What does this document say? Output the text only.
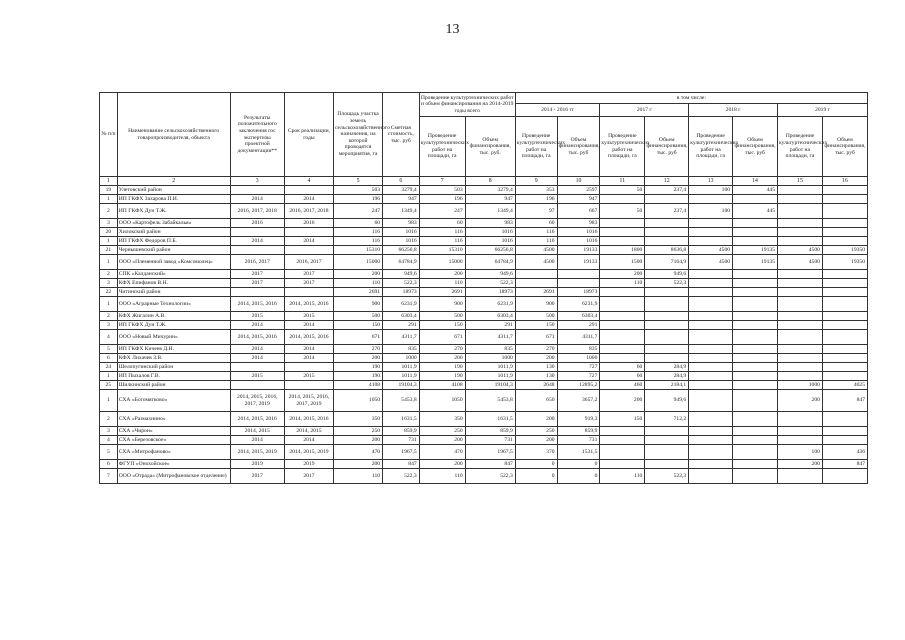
13
№ п/п	Наименование сельскохозяйственного товаропроизводителя, объекта	Результаты положительного заключения гос экспертизы проектной документации**	Срок реализации, годы	Площадь участка земель сельскохозяйственного назначения, на которой проводятся мероприятия, га	Сметная стоимость, тыс. руб	Проведение культуртехнических работ и объем финансирования на 2014-2019 годы всего		в том числе:							
								2014 - 2016 гг		2017 г		2018 г		2019 г	
						Проведение культуртехнических работ на площади, га	Объем финансирования, тыс. руб.	Проведение культуртехнических работ на площади, га	Объем финансирования, тыс. руб	Проведение культуртехнических работ на площади, га	Объем финансирования, тыс. руб	Проведение культуртехнических работ на площади, га	Объем финансирования, тыс. руб	Проведение культуртехнических работ на площади, га	Объем финансирования, тыс. руб
1	2	3	4	5	6	7	8	9	10	11	12	13	14	15	16
19	Улетовский район			503	3279,4	503	3279,4	353	2597	50	237,4	100	445		
1	ИП ГКФХ Захарова П.И.	2014	2014	196	947	196	947	196	947						
2	ИП ГКФХ Дун Т.Ж.	2016, 2017, 2018	2016, 2017, 2018	247	1349,4	247	1349,4	97	667	50	237,4	100	445		
3	ООО «Картофель Забайкалья»	2016	2016	60	983	60	983	60	983						
20	Хилокский район			116	1016	116	1016	116	1016						
1	ИП ГКФХ Федоров П.Б.	2014	2014	116	1016	116	1016	116	1016						
21	Чернышевский район			15310	66256,8	15310	66256,8	4500	19133	1800	8636,8	4500	19135	4500	19350
1	ООО «Племенной завод «Комсомолец»	2016, 2017	2016, 2017	15000	64784,9	15000	64784,9	4500	19133	1500	7164,9	4500	19135	4500	19350
2	СПК «Калданский»	2017	2017	200	949,6	200	949,6			200	949,6				
3	КФХ Епифанов В.Н.	2017	2017	110	522,3	110	522,3			110	522,3				
22	Читинский район			2691	18973	2691	18973	2691	18973						
1	ООО «Аграрные Технологии»	2014, 2015, 2016	2014, 2015, 2016	900	6231,9	900	6231,9	900	6231,9						
2	КФХ Жигалин А.В.	2015	2015	500	6303,4	500	6303,4	500	6303,4						
3	ИП ГКФХ Дун Т.Ж.	2014	2014	150	291	150	291	150	291						
4	ООО «Новый Мичурин»	2014, 2015, 2016	2014, 2015, 2016	671	4311,7	671	4311,7	671	4311,7						
5	ИП ГКФХ Кичеев Д.Н.	2014	2014	270	835	270	835	270	835						
6	КФХ Лихачев З.В.	2014	2014	200	1000	200	1000	200	1000						
24	Шелопугинский район			190	1011,9	190	1011,9	130	727	60	284,9				
1	ИП Пыхалов Г.В.	2015	2015	190	1011,9	190	1011,9	130	727	60	284,9				
25	Шилкинский район			4108	19104,3	4108	19104,3	2648	12895,2	460	2184,1			1000	4025
1	СХА «Богомягково»	2014, 2015, 2016, 2017, 2019	2014, 2015, 2016, 2017, 2019	1050	5453,8	1050	5453,8	650	3657,2	200	949,6			200	847
2	СХА «Размахнино»	2014, 2015, 2016	2014, 2015, 2016	350	1631,5	350	1631,5	200	919,3	150	712,2				
3	СХА «Чирон»	2014, 2015	2014, 2015	250	859,9	250	859,9	250	859,9						
4	СХА «Березовское»	2014	2014	200	731	200	731	200	731						
5	СХА «Митрофаново»	2014, 2015, 2019	2014, 2015, 2019	470	1967,5	470	1967,5	370	1531,5					100	436
6	ФГУП «Онохойское»	2019	2019	200	847	200	847	0	0					200	847
7	ООО «Отрада» (Митрофановское отделение)	2017	2017	110	522,3	110	522,3	0	0	110	522,3				
